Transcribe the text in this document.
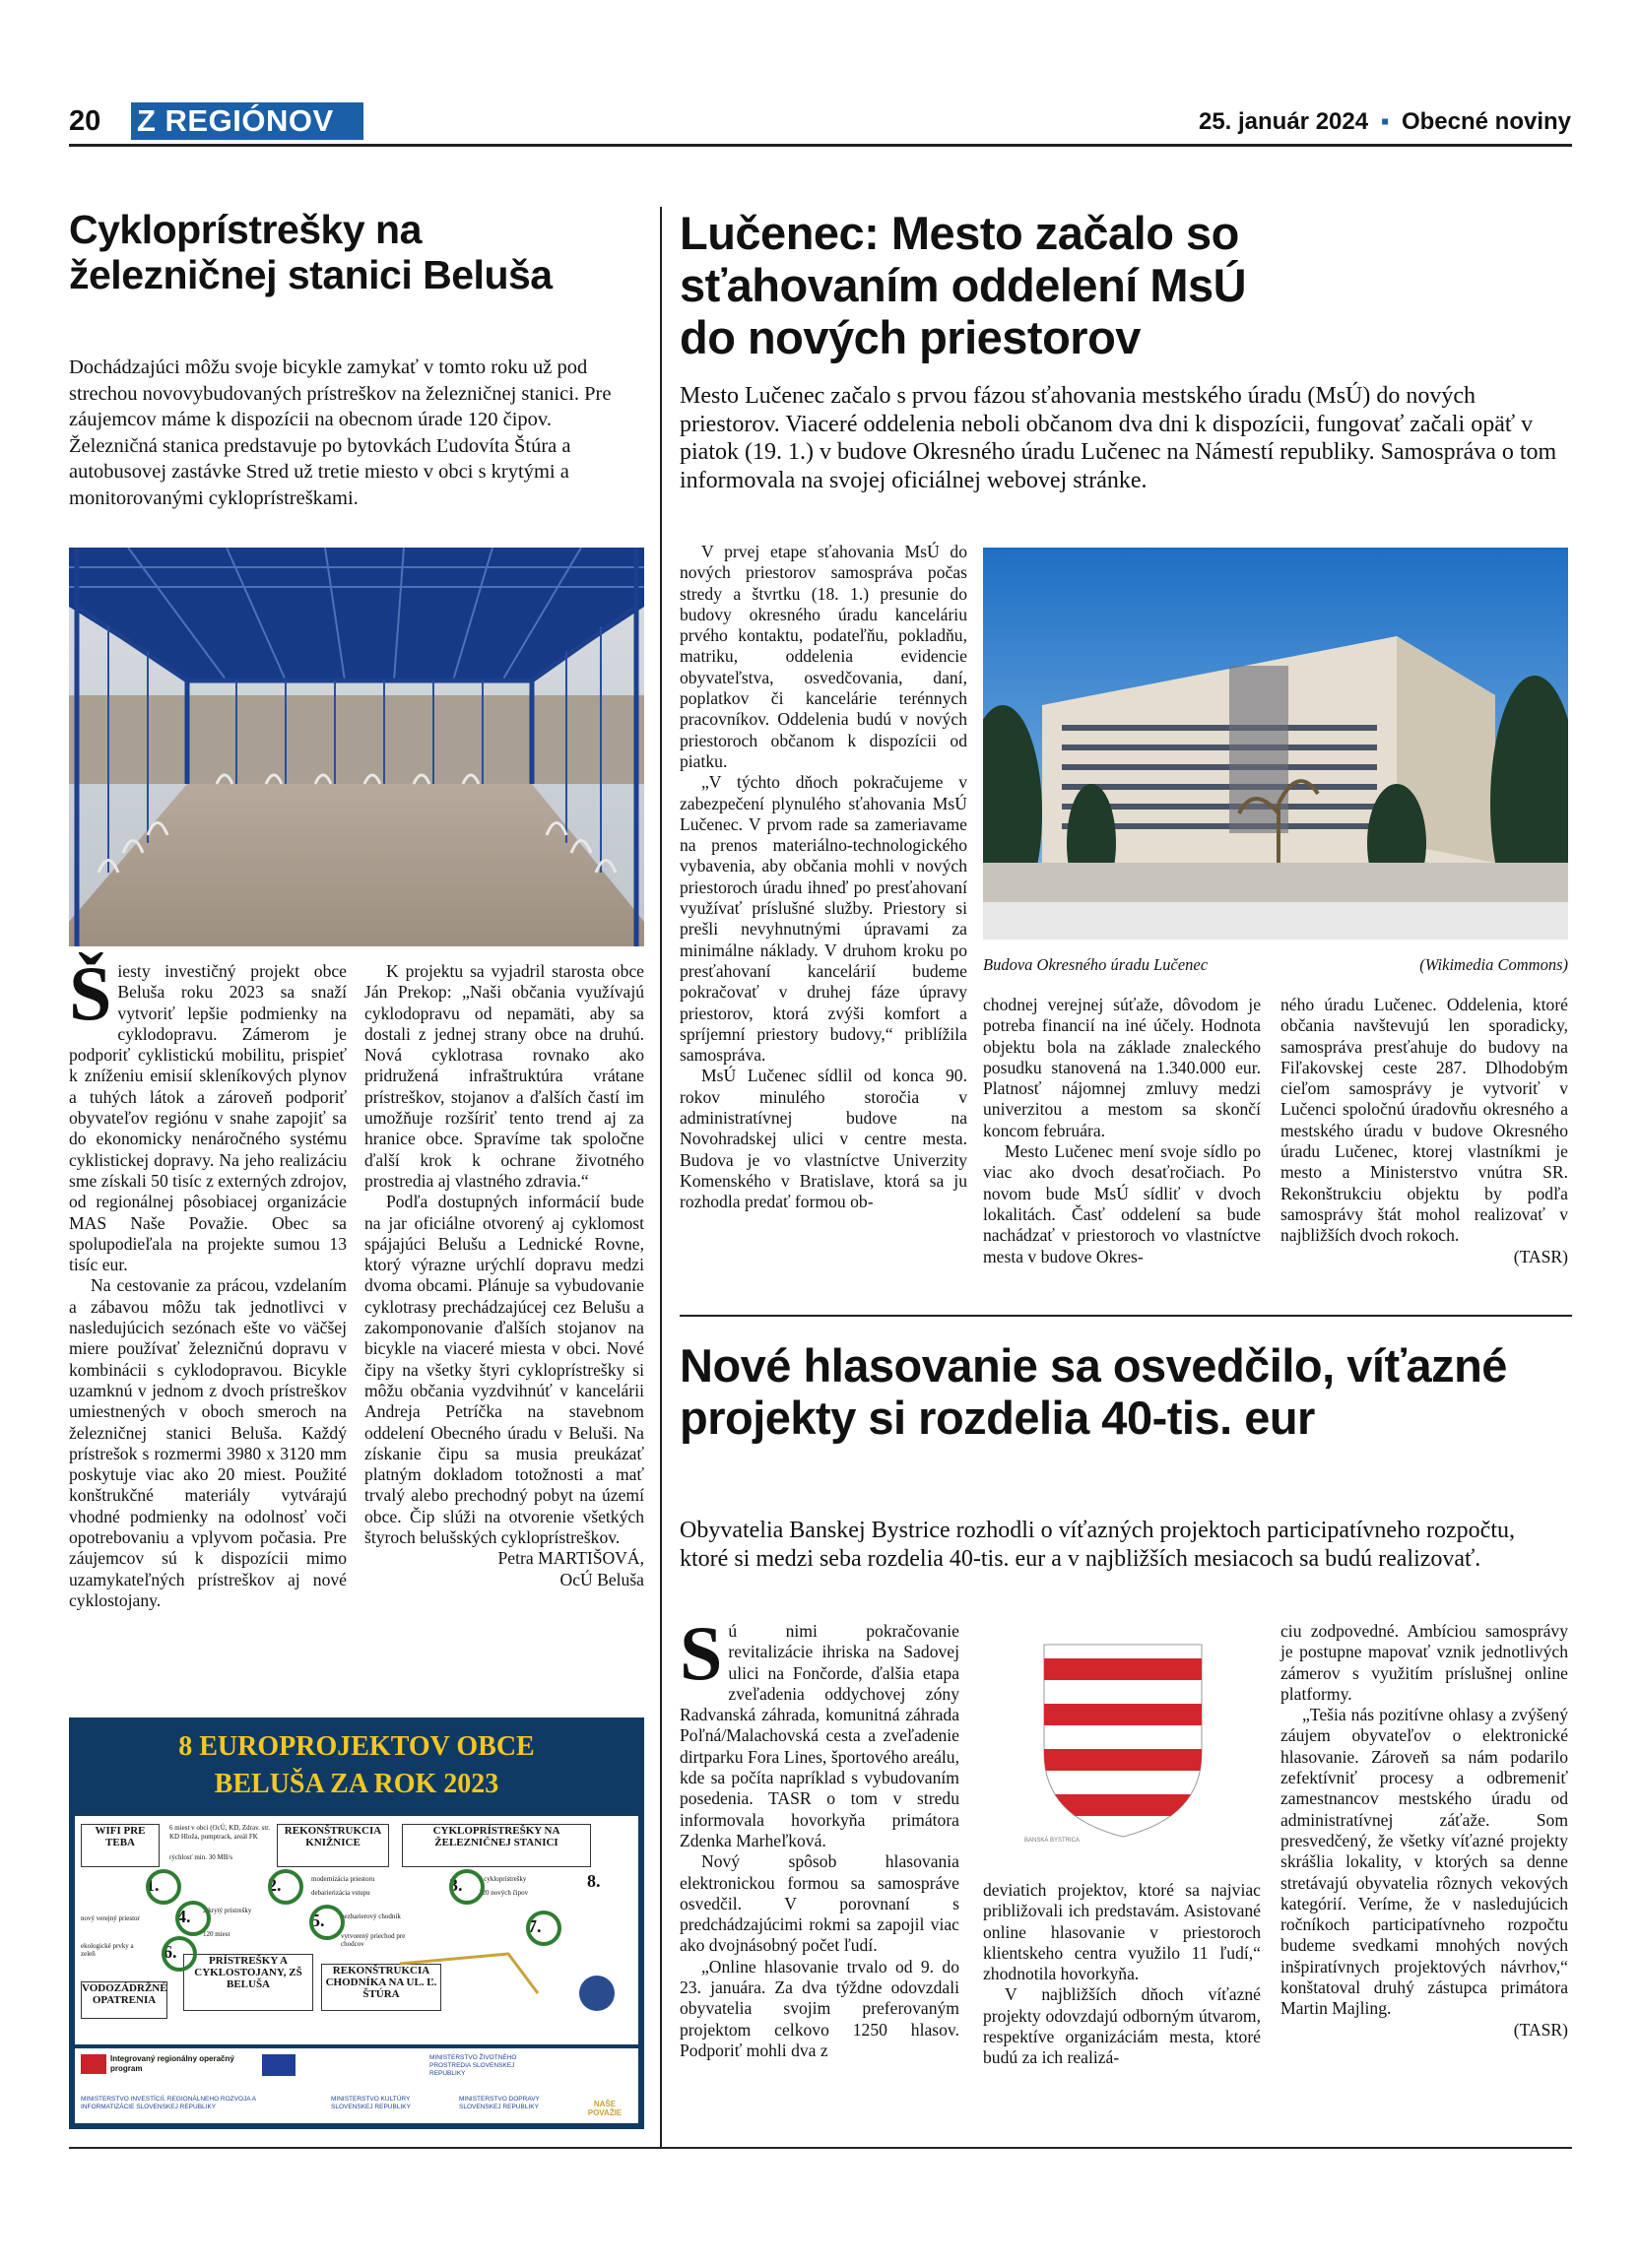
20 Z REGIÓNOV	25. január 2024 ▪ Obecné noviny
Cykloprístrešky na železničnej stanici Beluša
Dochádzajúci môžu svoje bicykle zamykať v tomto roku už pod strechou novovybudovaných prístreškov na železničnej stanici. Pre záujemcov máme k dispozícii na obecnom úrade 120 čipov. Železničná stanica predstavuje po bytovkách Ľudovíta Štúra a autobusovej zastávke Stred už tretie miesto v obci s krytými a monitorovanými cykloprístreškami.

Šiesty investičný projekt obce Beluša roku 2023 sa snaží vytvoriť lepšie podmienky na cyklodopravu. Zámerom je podporiť cyklistickú mobilitu, prispieť k zníženiu emisií skleníkových plynov a tuhých látok a zároveň podporiť obyvateľov regiónu v snahe zapojiť sa do ekonomicky nenáročného systému cyklistickej dopravy. Na jeho realizáciu sme získali 50 tisíc z externých zdrojov, od regionálnej pôsobiacej organizácie MAS Naše Považie. Obec sa spolupodieľala na projekte sumou 13 tisíc eur.

Na cestovanie za prácou, vzdelaním a zábavou môžu tak jednotlivci v nasledujúcich sezónach ešte vo väčšej miere používať železničnú dopravu v kombinácii s cyklodopravou. Bicykle uzamknú v jednom z dvoch prístreškov umiestnených v oboch smeroch na železničnej stanici Beluša. Každý prístrešok s rozmermi 3980 x 3120 mm poskytuje viac ako 20 miest. Použité konštrukčné materiály vytvárajú vhodné podmienky na odolnosť voči opotrebovaniu a vplyvom počasia. Pre záujemcov sú k dispozícii mimo uzamykateľných prístreškov aj nové cyklostojany.

K projektu sa vyjadril starosta obce Ján Prekop: „Naši občania využívajú cyklodopravu od nepamäti, aby sa dostali z jednej strany obce na druhú. Nová cyklotrasa rovnako ako pridružená infraštruktúra vrátane prístreškov, stojanov a ďalších častí im umožňuje rozšíriť tento trend aj za hranice obce. Spravíme tak spoločne ďalší krok k ochrane životného prostredia aj vlastného zdravia.“

Podľa dostupných informácií bude na jar oficiálne otvorený aj cyklomost spájajúci Belušu a Lednické Rovne, ktorý výrazne urýchlí dopravu medzi dvoma obcami. Plánuje sa vybudovanie cyklotrasy prechádzajúcej cez Belušu a zakomponovanie ďalších stojanov na bicykle na viaceré miesta v obci. Nové čipy na všetky štyri cykloprístrešky si môžu občania vyzdvihnúť v kancelárii Andreja Petríčka na stavebnom oddelení Obecného úradu v Beluši. Na získanie čipu sa musia preukázať platným dokladom totožnosti a mať trvalý alebo prechodný pobyt na území obce. Čip slúži na otvorenie všetkých štyroch belušských cykloprístreškov.

Petra MARTIŠOVÁ,

OcÚ Beluša

8 EUROPROJEKTOV OBCE
BELUŠA ZA ROK 2023
WIFI PRE TEBA
REKONŠTRUKCIA KNIŽNICE
CYKLOPRÍSTREŠKY NA ŽELEZNIČNEJ STANICI
PRÍSTREŠKY A CYKLOSTOJANY, ZŠ BELUŠA
REKONŠTRUKCIA CHODNÍKA NA UL. Ľ. ŠTÚRA
VODOZÁDRŽNÉ OPATRENIA
6 miest v obci (OcÚ, KD, Zdrav. str. KD Hloža, pumptrack, areál FK
rýchlosť min. 30 MB/s
modernizácia priestoru
debarierizácia vstupu
2 cykloprístrešky
120 nových čipov
2 krytý prístrešky
120 miest
nový verejný priestor
ekologické prvky a zeleň
bezbarierový chodník
vytvorený priechod pre chodcov
1.	2.	3.
4.	5.
6.
7.
8.
Integrovaný regionálny operačný program
MINISTERSTVO INVESTÍCIÍ, REGIONÁLNEHO ROZVOJA A INFORMATIZÁCIE SLOVENSKEJ REPUBLIKY
MINISTERSTVO ŽIVOTNÉHO PROSTREDIA SLOVENSKEJ REPUBLIKY
MINISTERSTVO KULTÚRY SLOVENSKEJ REPUBLIKY
MINISTERSTVO DOPRAVY SLOVENSKEJ REPUBLIKY	NAŠE POVAŽIE
Lučenec: Mesto začalo so sťahovaním oddelení MsÚ do nových priestorov
Mesto Lučenec začalo s prvou fázou sťahovania mestského úradu (MsÚ) do nových priestorov. Viaceré oddelenia neboli občanom dva dni k dispozícii, fungovať začali opäť v piatok (19. 1.) v budove Okresného úradu Lučenec na Námestí republiky. Samospráva o tom informovala na svojej oficiálnej webovej stránke.

V prvej etape sťahovania MsÚ do nových priestorov samospráva počas stredy a štvrtku (18. 1.) presunie do budovy okresného úradu kanceláriu prvého kontaktu, podateľňu, pokladňu, matriku, oddelenia evidencie obyvateľstva, osvedčovania, daní, poplatkov či kancelárie terénnych pracovníkov. Oddelenia budú v nových priestoroch občanom k dispozícii od piatku.

„V týchto dňoch pokračujeme v zabezpečení plynulého sťahovania MsÚ Lučenec. V prvom rade sa zameriavame na prenos materiálno-technologického vybavenia, aby občania mohli v nových priestoroch úradu ihneď po presťahovaní využívať príslušné služby. Priestory si prešli nevyhnutnými úpravami za minimálne náklady. V druhom kroku po presťahovaní kancelárií budeme pokračovať v druhej fáze úpravy priestorov, ktorá zvýši komfort a spríjemní priestory budovy,“ priblížila samospráva.

MsÚ Lučenec sídlil od konca 90. rokov minulého storočia v administratívnej budove na Novohradskej ulici v centre mesta. Budova je vo vlastníctve Univerzity Komenského v Bratislave, ktorá sa ju rozhodla predať formou ob-

Budova Okresného úradu Lučenec	(Wikimedia Commons)

chodnej verejnej súťaže, dôvodom je potreba financií na iné účely. Hodnota objektu bola na základe znaleckého posudku stanovená na 1.340.000 eur. Platnosť nájomnej zmluvy medzi univerzitou a mestom sa skončí koncom februára.

Mesto Lučenec mení svoje sídlo po viac ako dvoch desaťročiach. Po novom bude MsÚ sídliť v dvoch lokalitách. Časť oddelení sa bude nachádzať v priestoroch vo vlastníctve mesta v budove Okres-

ného úradu Lučenec. Oddelenia, ktoré občania navštevujú len sporadicky, samospráva presťahuje do budovy na Fiľakovskej ceste 287. Dlhodobým cieľom samosprávy je vytvoriť v Lučenci spoločnú úradovňu okresného a mestského úradu v budove Okresného úradu Lučenec, ktorej vlastníkmi je mesto a Ministerstvo vnútra SR. Rekonštrukciu objektu by podľa samosprávy štát mohol realizovať v najbližších dvoch rokoch.

(TASR)

Nové hlasovanie sa osvedčilo, víťazné projekty si rozdelia 40-tis. eur
Obyvatelia Banskej Bystrice rozhodli o víťazných projektoch participatívneho rozpočtu, ktoré si medzi seba rozdelia 40-tis. eur a v najbližších mesiacoch sa budú realizovať.

Sú nimi pokračovanie revitalizácie ihriska na Sadovej ulici na Fončorde, ďalšia etapa zveľadenia oddychovej zóny Radvanská záhrada, komunitná záhrada Poľná/Malachovská cesta a zveľadenie dirtparku Fora Lines, športového areálu, kde sa počíta napríklad s vybudovaním posedenia. TASR o tom v stredu informovala hovorkyňa primátora Zdenka Marheľková.

Nový spôsob hlasovania elektronickou formou sa samospráve osvedčil. V porovnaní s predchádzajúcimi rokmi sa zapojil viac ako dvojnásobný počet ľudí.

„Online hlasovanie trvalo od 9. do 23. januára. Za dva týždne odovzdali obyvatelia svojim preferovaným projektom celkovo 1250 hlasov. Podporiť mohli dva z

BANSKÁ BYSTRICA

deviatich projektov, ktoré sa najviac približovali ich predstavám. Asistované online hlasovanie v priestoroch klientskeho centra využilo 11 ľudí,“ zhodnotila hovorkyňa.

V najbližších dňoch víťazné projekty odovzdajú odborným útvarom, respektíve organizáciám mesta, ktoré budú za ich realizá-

ciu zodpovedné. Ambíciou samosprávy je postupne mapovať vznik jednotlivých zámerov s využitím príslušnej online platformy.

„Tešia nás pozitívne ohlasy a zvýšený záujem obyvateľov o elektronické hlasovanie. Zároveň sa nám podarilo zefektívniť procesy a odbremeniť zamestnancov mestského úradu od administratívnej záťaže. Som presvedčený, že všetky víťazné projekty skrášlia lokality, v ktorých sa denne stretávajú obyvatelia rôznych vekových kategórií. Veríme, že v nasledujúcich ročníkoch participatívneho rozpočtu budeme svedkami mnohých nových inšpiratívnych projektových návrhov,“ konštatoval druhý zástupca primátora Martin Majling.

(TASR)
